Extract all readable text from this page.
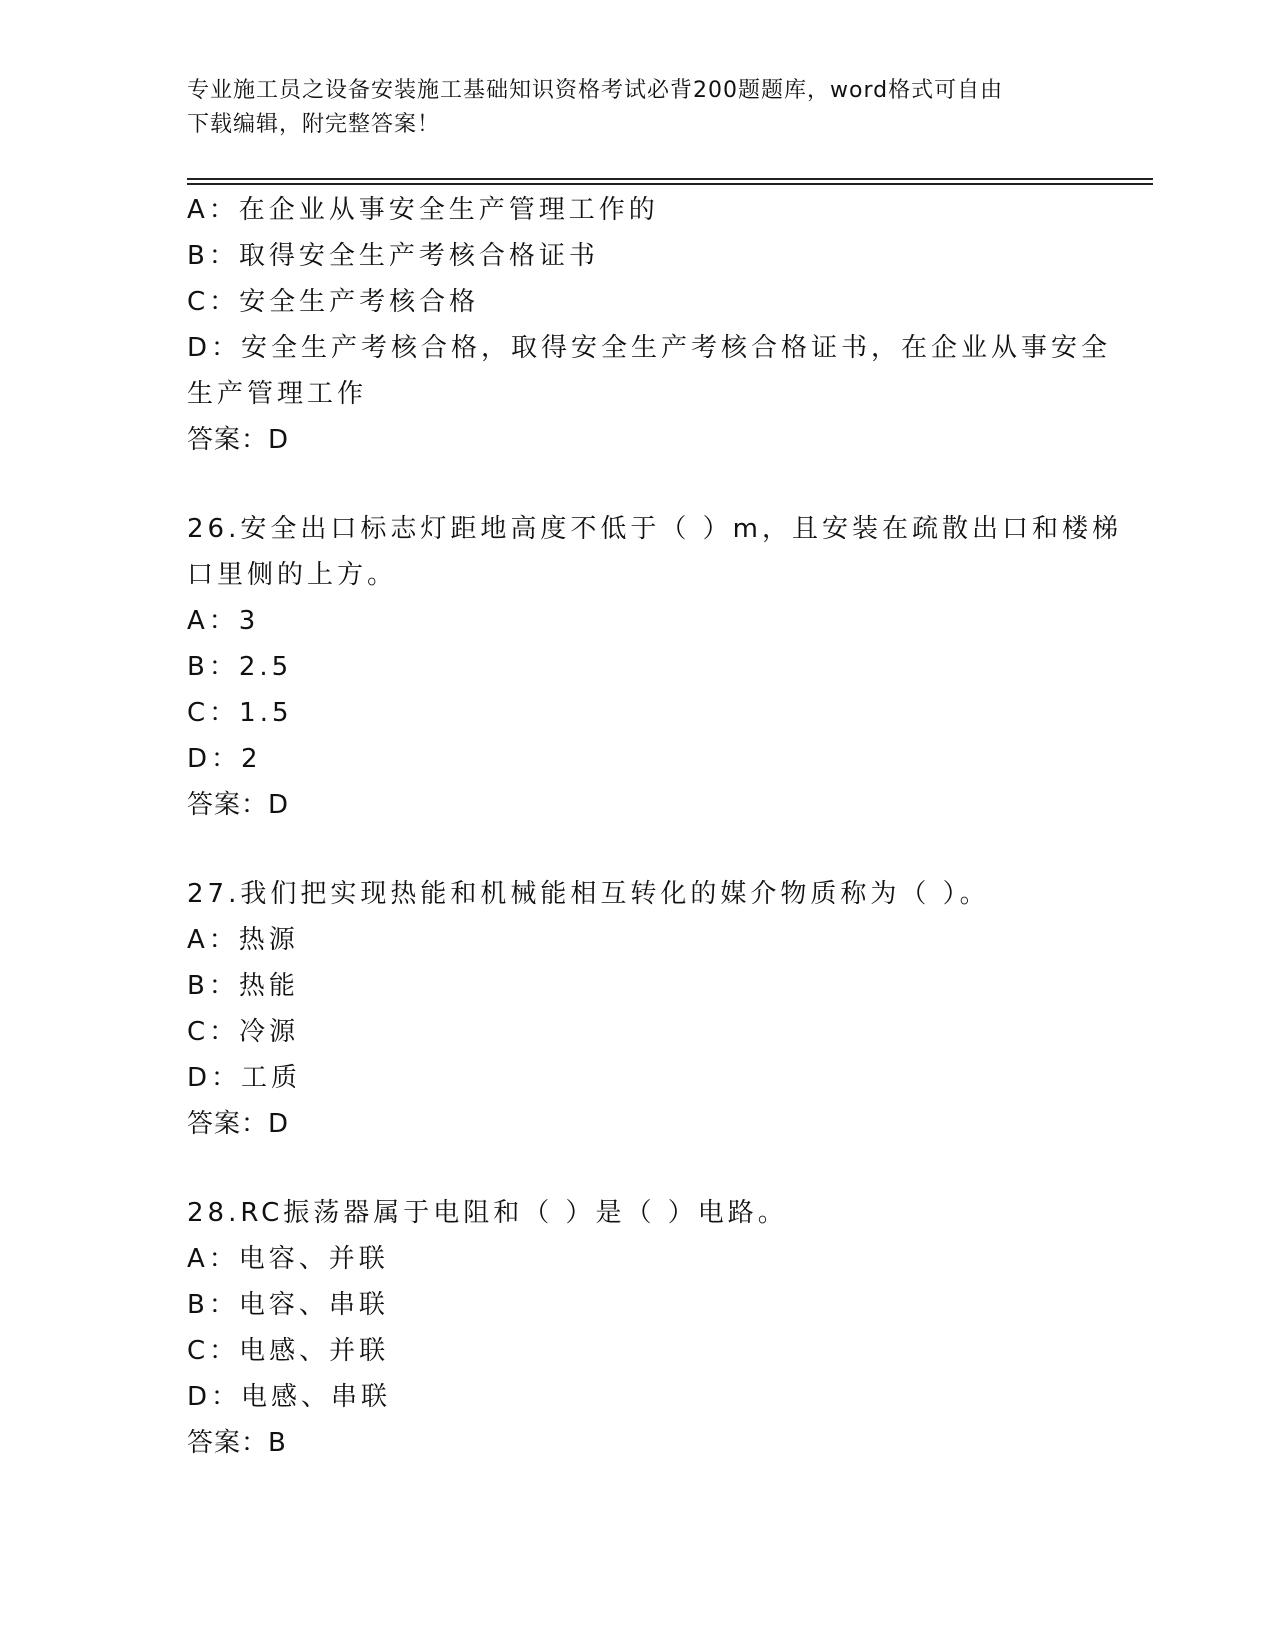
专业施工员之设备安装施工基础知识资格考试必背200题题库，word格式可自由
下载编辑，附完整答案！
A：在企业从事安全生产管理工作的
B：取得安全生产考核合格证书
C：安全生产考核合格
D：安全生产考核合格，取得安全生产考核合格证书，在企业从事安全
生产管理工作
答案：D
26.安全出口标志灯距地高度不低于（ ）m，且安装在疏散出口和楼梯
口里侧的上方。
A：3
B：2.5
C：1.5
D：2
答案：D
27.我们把实现热能和机械能相互转化的媒介物质称为（ ）。
A：热源
B：热能
C：冷源
D：工质
答案：D
28.RC振荡器属于电阻和（ ）是（ ）电路。
A：电容、并联
B：电容、串联
C：电感、并联
D：电感、串联
答案：B
